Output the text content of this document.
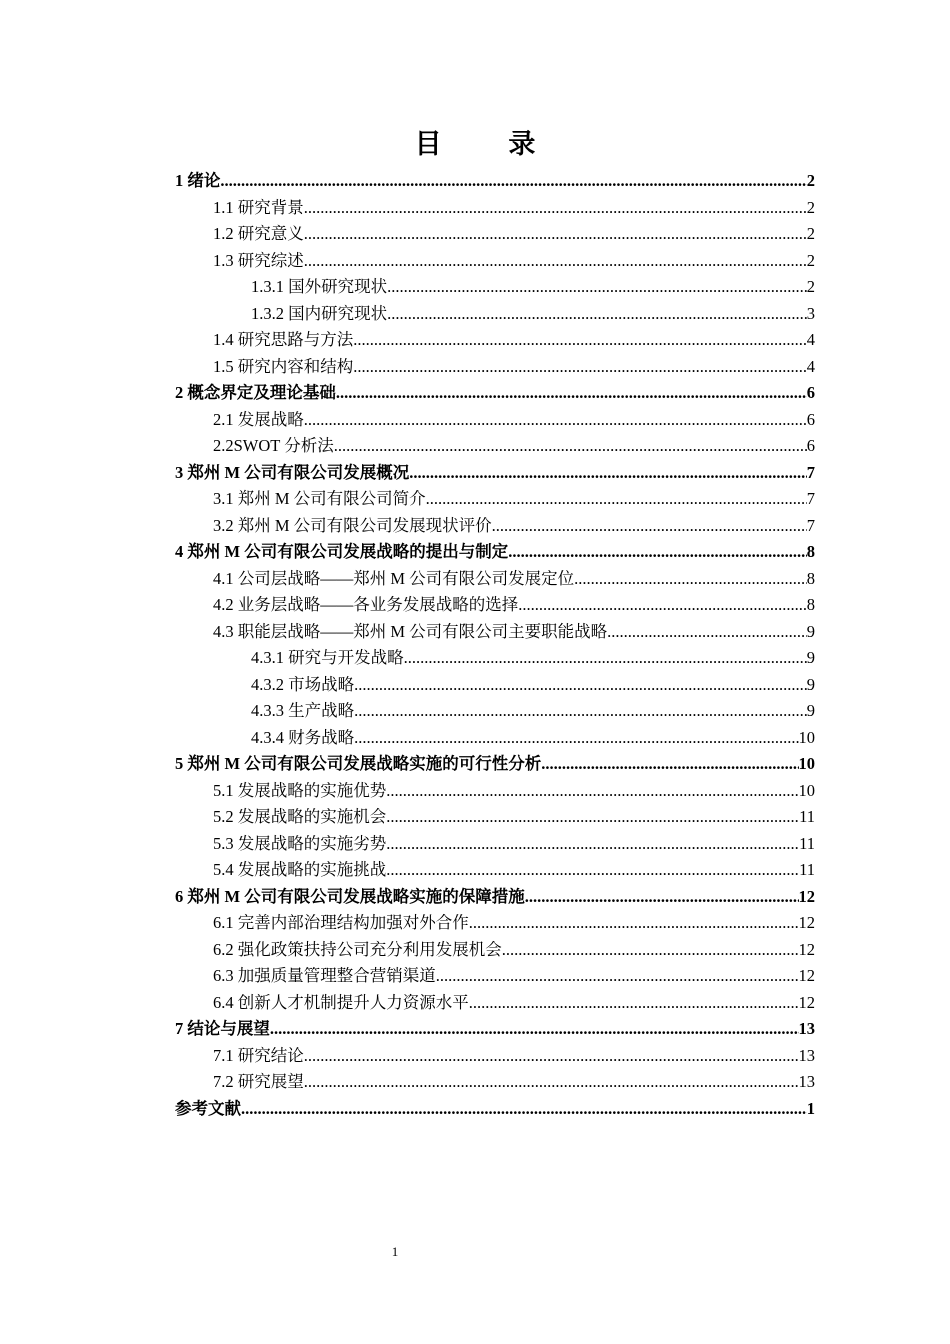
目 录
1 绪论 .....	2
1.1 研究背景 .....	2
1.2 研究意义 .....	2
1.3 研究综述 .....	2
1.3.1 国外研究现状 .....	2
1.3.2 国内研究现状 .....	3
1.4 研究思路与方法 .....	4
1.5 研究内容和结构 .....	4
2 概念界定及理论基础 .....	6
2.1 发展战略 .....	6
2.2SWOT 分析法 .....	6
3 郑州 M 公司有限公司发展概况 .....	7
3.1 郑州 M 公司有限公司简介 .....	7
3.2 郑州 M 公司有限公司发展现状评价 .....	7
4 郑州 M 公司有限公司发展战略的提出与制定 .....	8
4.1 公司层战略——郑州 M 公司有限公司发展定位 .....	8
4.2 业务层战略——各业务发展战略的选择 .....	8
4.3 职能层战略——郑州 M 公司有限公司主要职能战略 .....	9
4.3.1 研究与开发战略 .....	9
4.3.2 市场战略 .....	9
4.3.3 生产战略 .....	9
4.3.4 财务战略 .....	10
5 郑州 M 公司有限公司发展战略实施的可行性分析 .....	10
5.1 发展战略的实施优势 .....	10
5.2 发展战略的实施机会 .....	11
5.3 发展战略的实施劣势 .....	11
5.4 发展战略的实施挑战 .....	11
6 郑州 M 公司有限公司发展战略实施的保障措施 .....	12
6.1 完善内部治理结构加强对外合作 .....	12
6.2 强化政策扶持公司充分利用发展机会 .....	12
6.3 加强质量管理整合营销渠道 .....	12
6.4 创新人才机制提升人力资源水平 .....	12
7 结论与展望 .....	13
7.1 研究结论 .....	13
7.2 研究展望 .....	13
参考文献 .....	1
1
